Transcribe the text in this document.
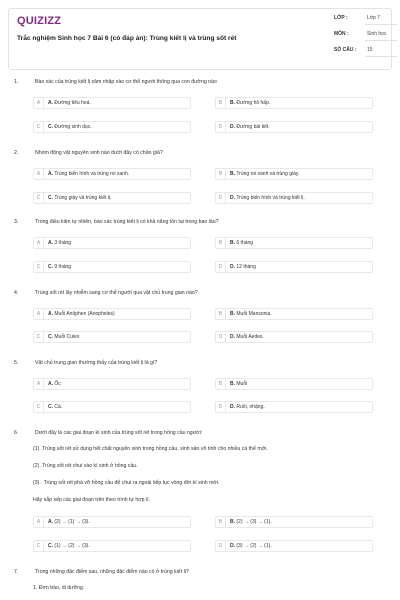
QUIZIZZ
Trắc nghiệm Sinh học 7 Bài 6 (có đáp án): Trùng kiết lị và trùng sốt rét
LỚP :	Lớp 7
MÔN :	Sinh học
SỐ CÂU : 15
1.	Bào xác của trùng kiết lị xâm nhập vào cơ thể người thông qua con đường nào
A	A. Đường tiêu hoá.	B	B. Đường hô hấp.
C	C. Đường sinh dục.	D	D. Đường bài tiết.
2.	Nhóm động vật nguyên sinh nào dưới đây có chân giả?
A	A. Trùng biến hình và trùng roi xanh.	B	B. Trùng roi xanh và trùng giày.
C	C. Trùng giày và trùng kiết lị.	D	D. Trùng biến hình và trùng kiết lị.
3.	Trong điều kiện tự nhiên, bào xác trùng kiết lị có khả năng tồn tại trong bao lâu?
A	A. 3 tháng	B	B. 6 tháng
C	C. 9 tháng	D	D. 12 tháng
4.	Trùng sốt rét lây nhiễm sang cơ thể người qua vật chủ trung gian nào?
A	A. Muỗi Anôphen (Anopheles)	B	B. Muỗi Mansonia.
C	C. Muỗi Culex	D	D. Muỗi Aedes.
5.	Vật chủ trung gian thường thấy của trùng kiết lị là gì?
A	A. Ốc	B	B. Muỗi
C	C. Cá.	D	D. Ruồi, nhặng.
6.	Dưới đây là các giai đoạn kí sinh của trùng sốt rét trong hồng cầu người:
(1). Trùng sốt rét sử dụng hết chất nguyên sinh trong hồng cầu, sinh sản vô tính cho nhiều cá thể mới.
(2). Trùng sốt rét chui vào kí sinh ở hồng cầu.
(3) . Trùng sốt rét phá vỡ hồng cầu để chui ra ngoài tiếp tục vòng đời kí sinh mới.
Hãy sắp xếp các giai đoạn trên theo trình tự hợp lí.
A	A. (2) → (1) → (3).	B	B. (2) → (3) → (1).
C	C. (1) → (2) → (3).	D	D. (3) → (2) → (1).
7.	Trong những đặc điểm sau, những đặc điểm nào có ở trùng kiết lị?
1. Đơn bào, dị dưỡng.
